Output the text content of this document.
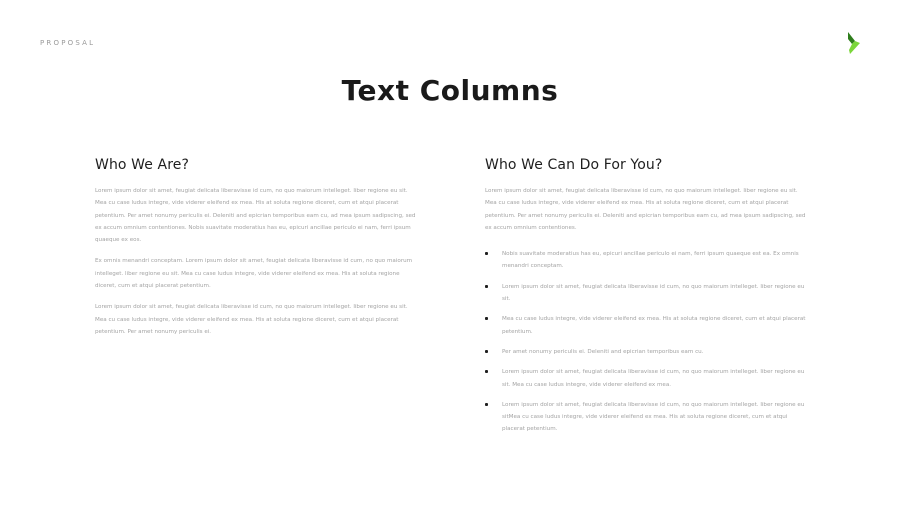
PROPOSAL
Text Columns
Who We Are?

Lorem ipsum dolor sit amet, feugiat delicata liberavisse id cum, no quo maiorum intelleget. liber regione eu sit. Mea cu case ludus integre, vide viderer eleifend ex mea. His at soluta regione diceret, cum et atqui placerat petentium. Per amet nonumy periculis ei. Deleniti and epicrian temporibus eam cu, ad mea ipsum sadipscing, sed ex accum omnium contentiones. Nobis suavitate moderatius has eu, epicuri ancillae periculo ei nam, ferri ipsum quaeque ex eos.

Ex omnis menandri conceptam. Lorem ipsum dolor sit amet, feugiat delicata liberavisse id cum, no quo maiorum intelleget. liber regione eu sit. Mea cu case ludus integre, vide viderer eleifend ex mea. His at soluta regione diceret, cum et atqui placerat petentium.

Lorem ipsum dolor sit amet, feugiat delicata liberavisse id cum, no quo maiorum intelleget. liber regione eu sit. Mea cu case ludus integre, vide viderer eleifend ex mea. His at soluta regione diceret, cum et atqui placerat petentium. Per amet nonumy periculis ei.

Who We Can Do For You?

Lorem ipsum dolor sit amet, feugiat delicata liberavisse id cum, no quo maiorum intelleget. liber regione eu sit. Mea cu case ludus integre, vide viderer eleifend ex mea. His at soluta regione diceret, cum et atqui placerat petentium. Per amet nonumy periculis ei. Deleniti and epicrian temporibus eam cu, ad mea ipsum sadipscing, sed ex accum omnium contentiones.

Nobis suavitate moderatius has eu, epicuri ancillae periculo ei nam, ferri ipsum quaeque est ea. Ex omnis menandri conceptam.
Lorem ipsum dolor sit amet, feugiat delicata liberavisse id cum, no quo maiorum intelleget. liber regione eu sit.
Mea cu case ludus integre, vide viderer eleifend ex mea. His at soluta regione diceret, cum et atqui placerat petentium.
Per amet nonumy periculis ei. Deleniti and epicrian temporibus eam cu.
Lorem ipsum dolor sit amet, feugiat delicata liberavisse id cum, no quo maiorum intelleget. liber regione eu sit. Mea cu case ludus integre, vide viderer eleifend ex mea.
Lorem ipsum dolor sit amet, feugiat delicata liberavisse id cum, no quo maiorum intelleget. liber regione eu sitMea cu case ludus integre, vide viderer eleifend ex mea. His at soluta regione diceret, cum et atqui placerat petentium.
